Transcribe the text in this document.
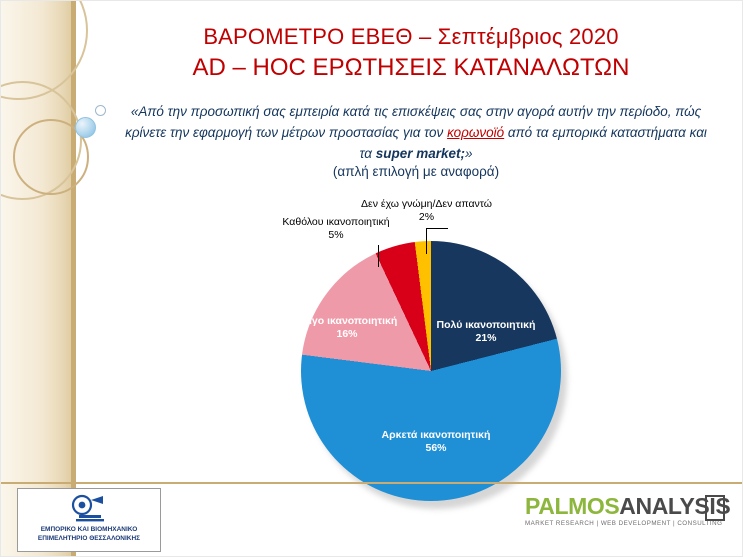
ΒΑΡΟΜΕΤΡΟ ΕΒΕΘ – Σεπτέμβριος 2020
AD – HOC ΕΡΩΤΗΣΕΙΣ ΚΑΤΑΝΑΛΩΤΩΝ
«Από την προσωπική σας εμπειρία κατά τις επισκέψεις σας στην αγορά αυτήν την περίοδο, πώς κρίνετε την εφαρμογή των μέτρων προστασίας για τον κορωνοϊό από τα εμπορικά καταστήματα και τα super market;»
(απλή επιλογή με αναφορά)
Πολύ ικανοποιητική
21%
Αρκετά ικανοποιητική
56%
Λίγο ικανοποιητική
16%
Καθόλου ικανοποιητική
5%
Δεν έχω γνώμη/Δεν απαντώ
2%
ΕΜΠΟΡΙΚΟ ΚΑΙ ΒΙΟΜΗΧΑΝΙΚΟ
ΕΠΙΜΕΛΗΤΗΡΙΟ ΘΕΣΣΑΛΟΝΙΚΗΣ
PALMOSANALYSIS
MARKET RESEARCH | WEB DEVELOPMENT | CONSULTING
